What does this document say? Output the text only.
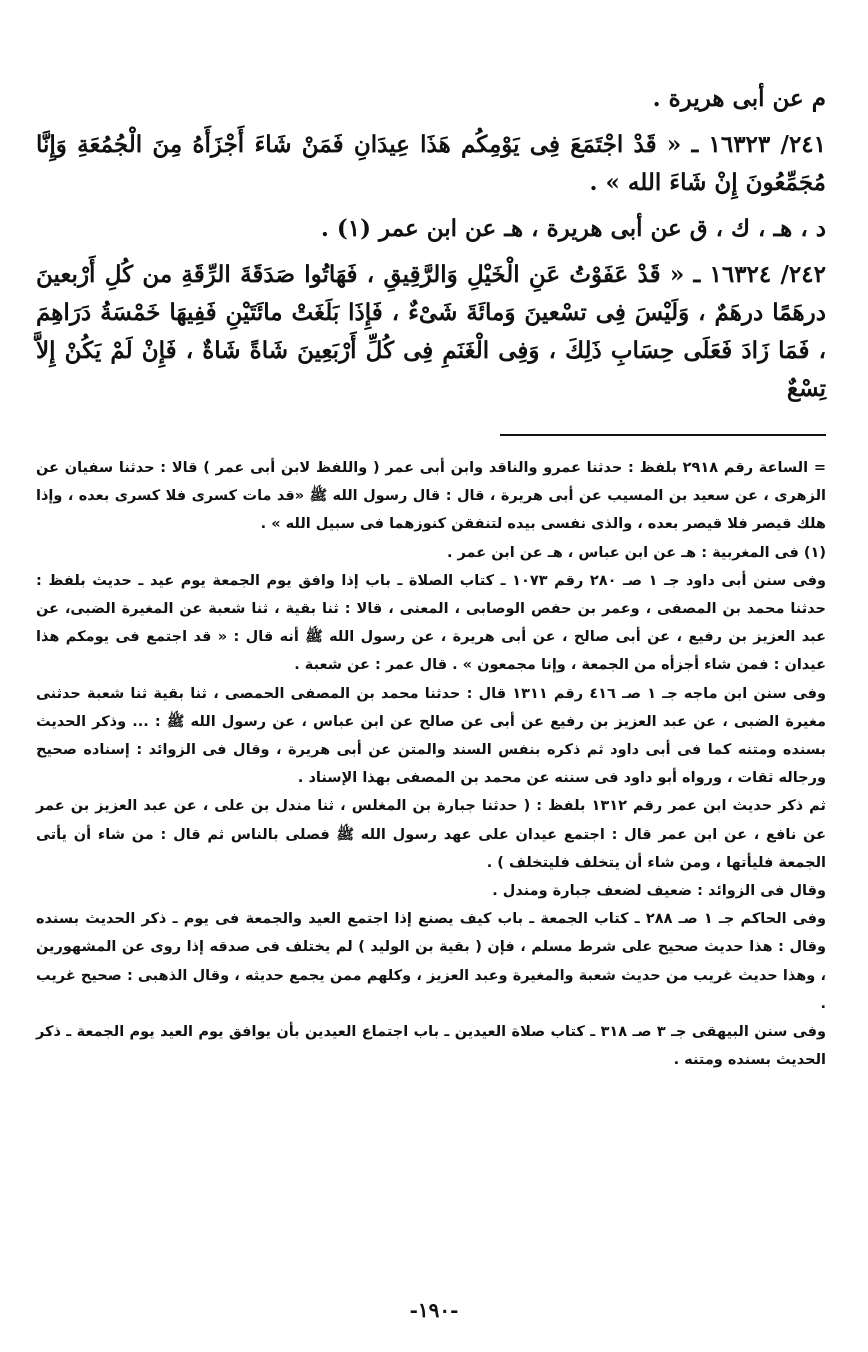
م عن أبى هريرة .

٢٤١/ ١٦٣٢٣ ـ « قَدْ اجْتَمَعَ فِى يَوْمِكُم هَذَا عِيدَانِ فَمَنْ شَاءَ أَجْزَأَهُ مِنَ الْجُمُعَةِ وَإِنَّا مُجَمِّعُونَ إِنْ شَاءَ الله » .

د ، هـ ، ك ، ق عن أبى هريرة ، هـ عن ابن عمر (١) .

٢٤٢/ ١٦٣٢٤ ـ « قَدْ عَفَوْتُ عَنِ الْخَيْلِ وَالرَّقِيقِ ، فَهَاتُوا صَدَقَةَ الرِّقَةِ من كُلِ أَرْبعينَ درهَمًا درهَمٌ ، وَلَيْسَ فِى تسْعينَ وَمائَةَ شَىْءٌ ، فَإِذَا بَلَغَتْ مائَتَيْنِ فَفِيهَا خَمْسَةُ دَرَاهِمَ ، فَمَا زَادَ فَعَلَى حِسَابِ ذَلِكَ ، وَفِى الْغَنَمِ فِى كُلِّ أَرْبَعِينَ شَاةً شَاةٌ ، فَإِنْ لَمْ يَكُنْ إِلاَّ تِسْعٌ

= الساعة رقم ٢٩١٨ بلفظ : حدثنا عمرو والناقد وابن أبى عمر ( واللفظ لابن أبى عمر ) قالا : حدثنا سفيان عن الزهرى ، عن سعيد بن المسيب عن أبى هريرة ، قال : قال رسول الله ﷺ «قد مات كسرى فلا كسرى بعده ، وإذا هلك قيصر فلا قيصر بعده ، والذى نفسى بيده لتنفقن كنوزهما فى سبيل الله » .

(١) فى المغربية : هـ عن ابن عباس ، هـ عن ابن عمر .

وفى سنن أبى داود جـ ١ صـ ٢٨٠ رقم ١٠٧٣ ـ كتاب الصلاة ـ باب إذا وافق يوم الجمعة يوم عيد ـ حديث بلفظ : حدثنا محمد بن المصفى ، وعمر بن حفص الوصابى ، المعنى ، قالا : ثنا بقية ، ثنا شعبة عن المغيرة الضبى، عن عبد العزيز بن رفيع ، عن أبى صالح ، عن أبى هريرة ، عن رسول الله ﷺ أنه قال : « قد اجتمع فى يومكم هذا عيدان : فمن شاء أجزأه من الجمعة ، وإنا مجمعون » . قال عمر : عن شعبة .

وفى سنن ابن ماجه جـ ١ صـ ٤١٦ رقم ١٣١١ قال : حدثنا محمد بن المصفى الحمصى ، ثنا بقية ثنا شعبة حدثنى مغيرة الضبى ، عن عبد العزيز بن رفيع عن أبى عن صالح عن ابن عباس ، عن رسول الله ﷺ : ... وذكر الحديث بسنده ومتنه كما فى أبى داود ثم ذكره بنفس السند والمتن عن أبى هريرة ، وقال فى الزوائد : إسناده صحيح ورجاله ثقات ، ورواه أبو داود فى سننه عن محمد بن المصفى بهذا الإسناد .

ثم ذكر حديث ابن عمر رقم ١٣١٢ بلفظ : ( حدثنا جبارة بن المغلس ، ثنا مندل بن على ، عن عبد العزيز بن عمر عن نافع ، عن ابن عمر قال : اجتمع عيدان على عهد رسول الله ﷺ فصلى بالناس ثم قال : من شاء أن يأتى الجمعة فليأتها ، ومن شاء أن يتخلف فليتخلف ) .

وقال فى الزوائد : ضعيف لضعف جبارة ومندل .

وفى الحاكم جـ ١ صـ ٢٨٨ ـ كتاب الجمعة ـ باب كيف يصنع إذا اجتمع العيد والجمعة فى يوم ـ ذكر الحديث بسنده وقال : هذا حديث صحيح على شرط مسلم ، فإن ( بقية بن الوليد ) لم يختلف فى صدقه إذا روى عن المشهورين ، وهذا حديث غريب من حديث شعبة والمغيرة وعبد العزيز ، وكلهم ممن يجمع حديثه ، وقال الذهبى : صحيح غريب .

وفى سنن البيهقى جـ ٣ صـ ٣١٨ ـ كتاب صلاة العيدين ـ باب اجتماع العيدين بأن يوافق يوم العيد يوم الجمعة ـ ذكر الحديث بسنده ومتنه .

-١٩٠-
